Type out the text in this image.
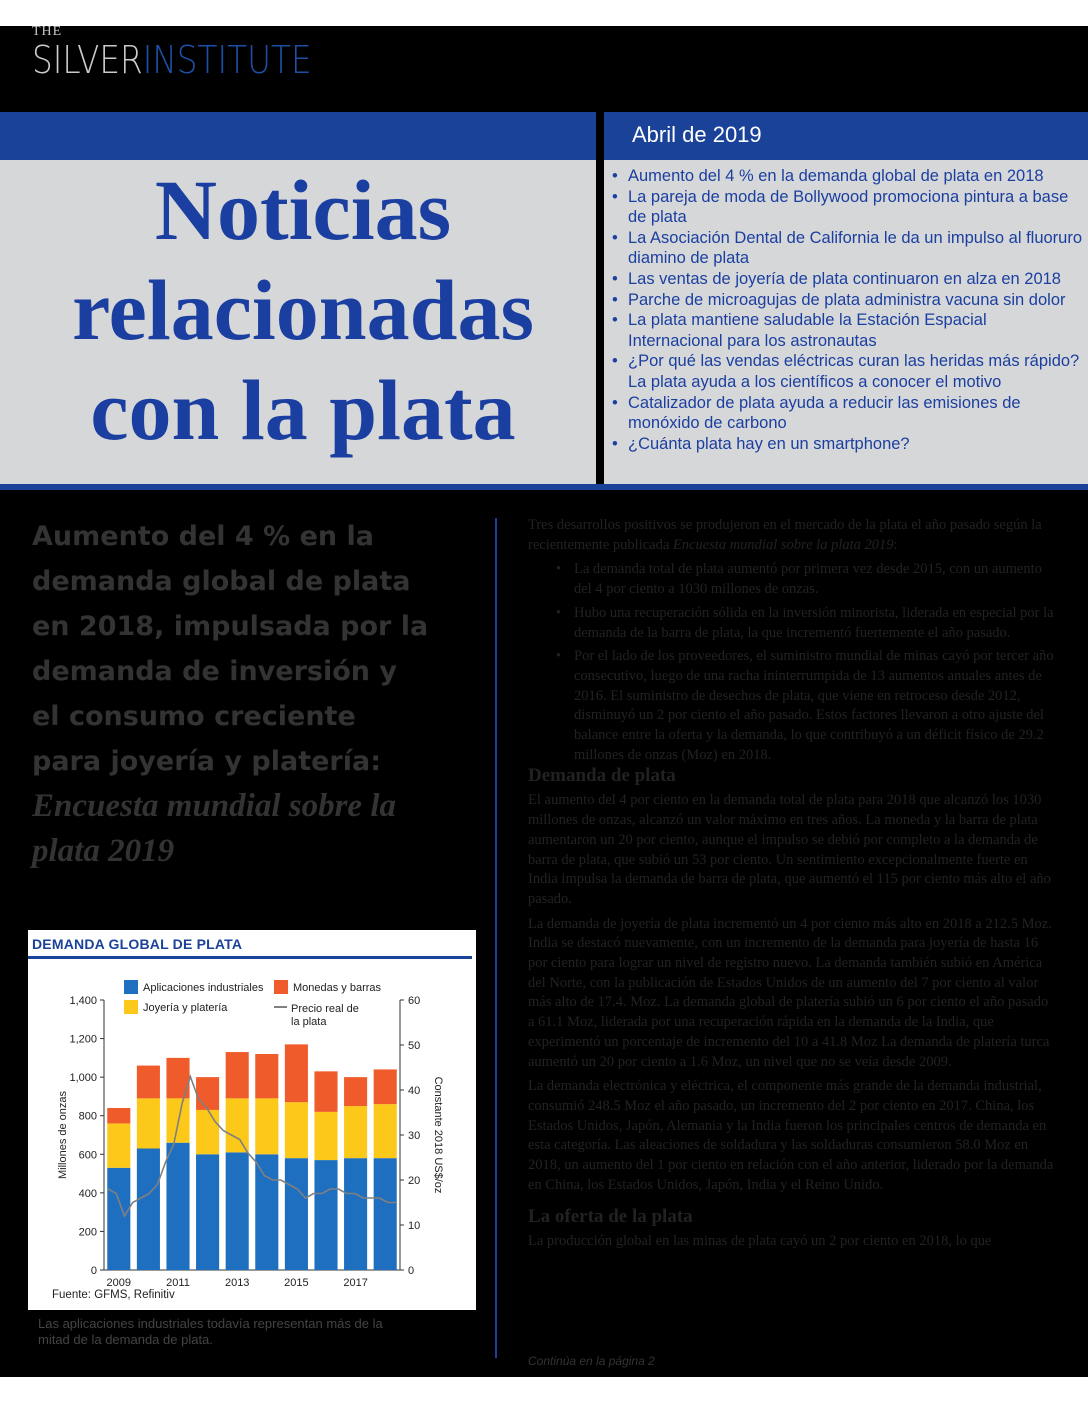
THE
SILVERINSTITUTE
Abril de 2019
Noticias
relacionadas
con la plata
• Aumento del 4 % en la demanda global de plata en 2018
• La pareja de moda de Bollywood promociona pintura a base de plata
• La Asociación Dental de California le da un impulso al fluoruro diamino de plata
• Las ventas de joyería de plata continuaron en alza en 2018
• Parche de microagujas de plata administra vacuna sin dolor
• La plata mantiene saludable la Estación Espacial Internacional para los astronautas
• ¿Por qué las vendas eléctricas curan las heridas más rápido? La plata ayuda a los científicos a conocer el motivo
• Catalizador de plata ayuda a reducir las emisiones de monóxido de carbono
• ¿Cuánta plata hay en un smartphone?
Aumento del 4 % en la demanda global de plata en 2018, impulsada por la demanda de inversión y el consumo creciente para joyería y platería:
Encuesta mundial sobre la plata 2019
DEMANDA GLOBAL DE PLATA
0
200
400
600
800
1,000
1,200
1,400
0
10
20
30
40
50
60
Millones de onzas	Constante 2018 US$/oz
2009	2011	2013	2015	2017
Aplicaciones industriales	Monedas y barras
Joyería y platería	Precio real de
la plata
Fuente: GFMS, Refinitiv
Las aplicaciones industriales todavía representan más de la mitad de la demanda de plata.

Tres desarrollos positivos se produjeron en el mercado de la plata el año pasado según la recientemente publicada Encuesta mundial sobre la plata 2019:

• La demanda total de plata aumentó por primera vez desde 2015, con un aumento del 4 por ciento a 1030 millones de onzas.
• Hubo una recuperación sólida en la inversión minorista, liderada en especial por la demanda de la barra de plata, la que incrementó fuertemente el año pasado.
• Por el lado de los proveedores, el suministro mundial de minas cayó por tercer año consecutivo, luego de una racha ininterrumpida de 13 aumentos anuales antes de 2016. El suministro de desechos de plata, que viene en retroceso desde 2012, disminuyó un 2 por ciento el año pasado. Estos factores llevaron a otro ajuste del balance entre la oferta y la demanda, lo que contribuyó a un déficit físico de 29.2 millones de onzas (Moz) en 2018.
Demanda de plata

El aumento del 4 por ciento en la demanda total de plata para 2018 que alcanzó los 1030 millones de onzas, alcanzó un valor máximo en tres años. La moneda y la barra de plata aumentaron un 20 por ciento, aunque el impulso se debió por completo a la demanda de barra de plata, que subió un 53 por ciento. Un sentimiento excepcionalmente fuerte en India impulsa la demanda de barra de plata, que aumentó el 115 por ciento más alto el año pasado.

La demanda de joyería de plata incrementó un 4 por ciento más alto en 2018 a 212.5 Moz. India se destacó nuevamente, con un incremento de la demanda para joyería de hasta 16 por ciento para lograr un nivel de registro nuevo. La demanda también subió en América del Norte, con la publicación de Estados Unidos de un aumento del 7 por ciento al valor más alto de 17.4. Moz. La demanda global de platería subió un 6 por ciento el año pasado a 61.1 Moz, liderada por una recuperación rápida en la demanda de la India, que experimentó un porcentaje de incremento del 10 a 41.8 Moz La demanda de platería turca aumentó un 20 por ciento a 1.6 Moz, un nivel que no se veía desde 2009.

La demanda electrónica y eléctrica, el componente más grande de la demanda industrial, consumió 248.5 Moz el año pasado, un incremento del 2 por ciento en 2017. China, los Estados Unidos, Japón, Alemania y la India fueron los principales centros de demanda en esta categoría. Las aleaciones de soldadura y las soldaduras consumieron 58.0 Moz en 2018, un aumento del 1 por ciento en relación con el año anterior, liderado por la demanda en China, los Estados Unidos, Japón, India y el Reino Unido.

La oferta de la plata

La producción global en las minas de plata cayó un 2 por ciento en 2018, lo que

Continúa en la página 2
